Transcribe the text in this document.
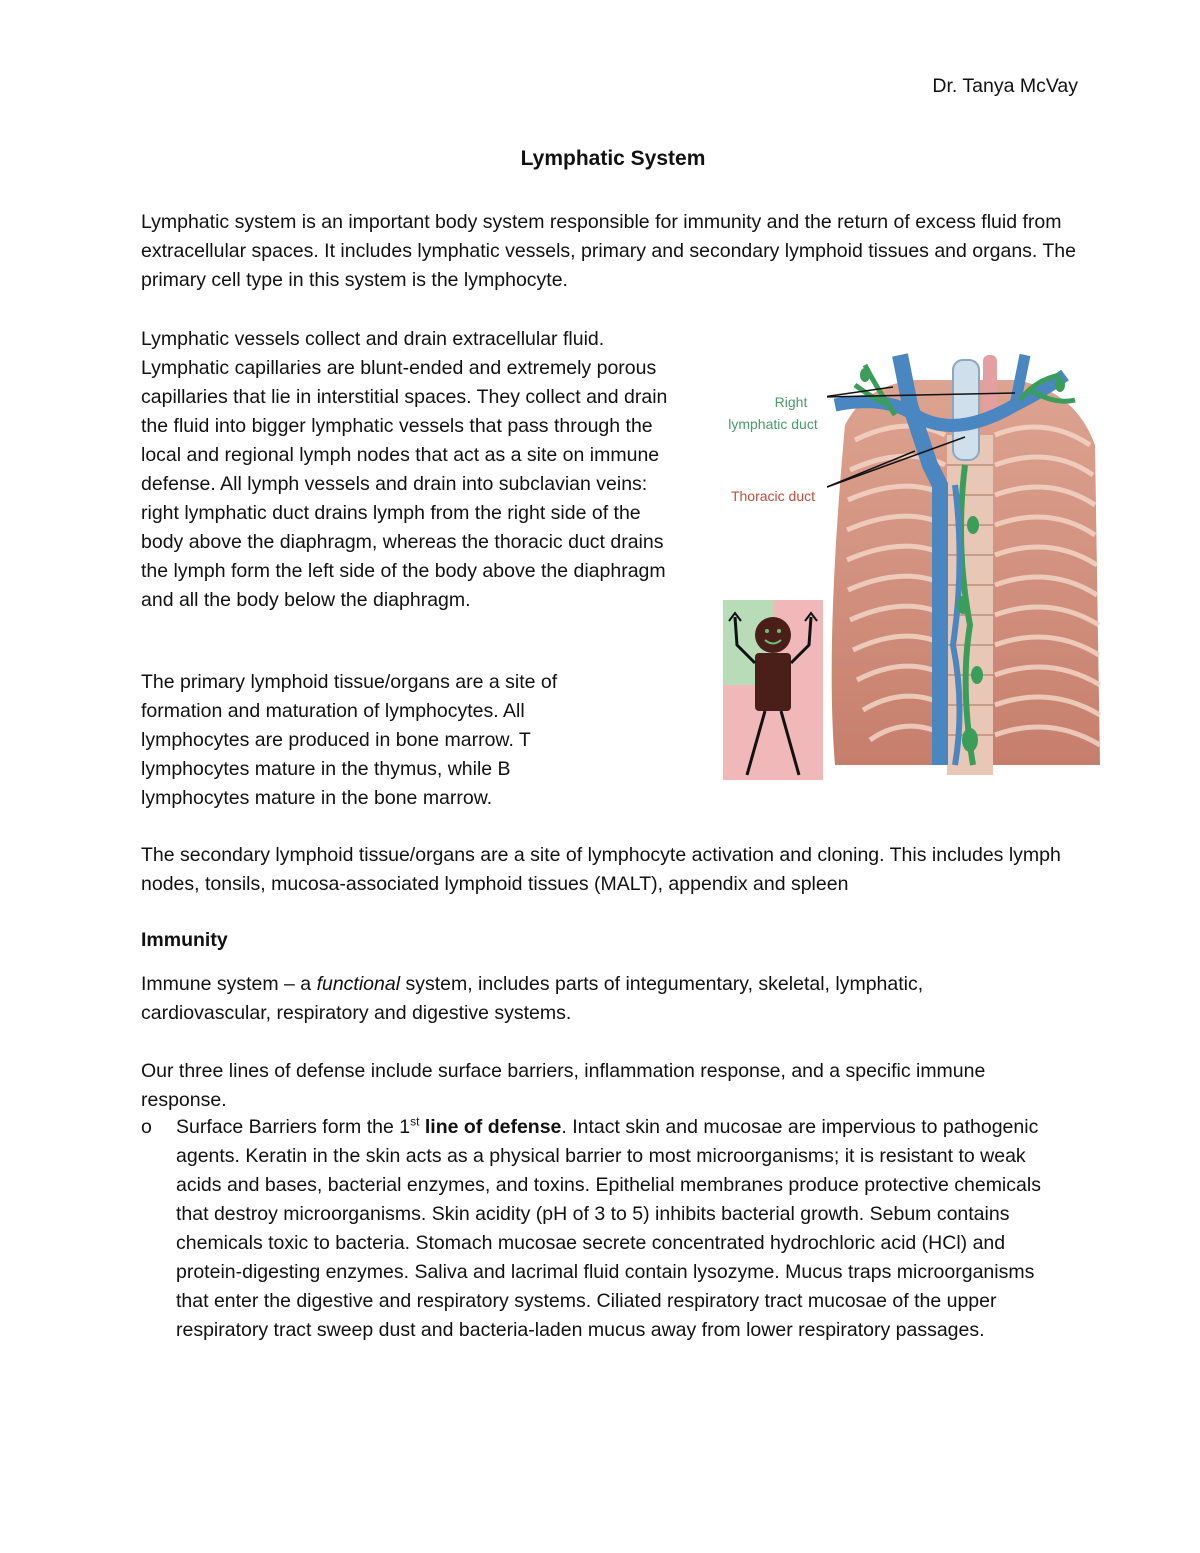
Dr. Tanya McVay
Lymphatic System

Lymphatic system is an important body system responsible for immunity and the return of excess fluid from extracellular spaces. It includes lymphatic vessels, primary and secondary lymphoid tissues and organs. The primary cell type in this system is the lymphocyte.

Lymphatic vessels collect and drain extracellular fluid. Lymphatic capillaries are blunt-ended and extremely porous capillaries that lie in interstitial spaces. They collect and drain the fluid into bigger lymphatic vessels that pass through the local and regional lymph nodes that act as a site on immune defense. All lymph vessels and drain into subclavian veins: right lymphatic duct drains lymph from the right side of the body above the diaphragm, whereas the thoracic duct drains the lymph form the left side of the body above the diaphragm and all the body below the diaphragm.

Right
lymphatic duct
Thoracic duct

The primary lymphoid tissue/organs are a site of formation and maturation of lymphocytes. All lymphocytes are produced in bone marrow. T lymphocytes mature in the thymus, while B lymphocytes mature in the bone marrow.

The secondary lymphoid tissue/organs are a site of lymphocyte activation and cloning. This includes lymph nodes, tonsils, mucosa-associated lymphoid tissues (MALT), appendix and spleen

Immunity

Immune system – a functional system, includes parts of integumentary, skeletal, lymphatic, cardiovascular, respiratory and digestive systems.

Our three lines of defense include surface barriers, inflammation response, and a specific immune response.

o Surface Barriers form the 1st line of defense. Intact skin and mucosae are impervious to pathogenic agents. Keratin in the skin acts as a physical barrier to most microorganisms; it is resistant to weak acids and bases, bacterial enzymes, and toxins. Epithelial membranes produce protective chemicals that destroy microorganisms. Skin acidity (pH of 3 to 5) inhibits bacterial growth. Sebum contains chemicals toxic to bacteria. Stomach mucosae secrete concentrated hydrochloric acid (HCl) and protein-digesting enzymes. Saliva and lacrimal fluid contain lysozyme. Mucus traps microorganisms that enter the digestive and respiratory systems. Ciliated respiratory tract mucosae of the upper respiratory tract sweep dust and bacteria-laden mucus away from lower respiratory passages.
